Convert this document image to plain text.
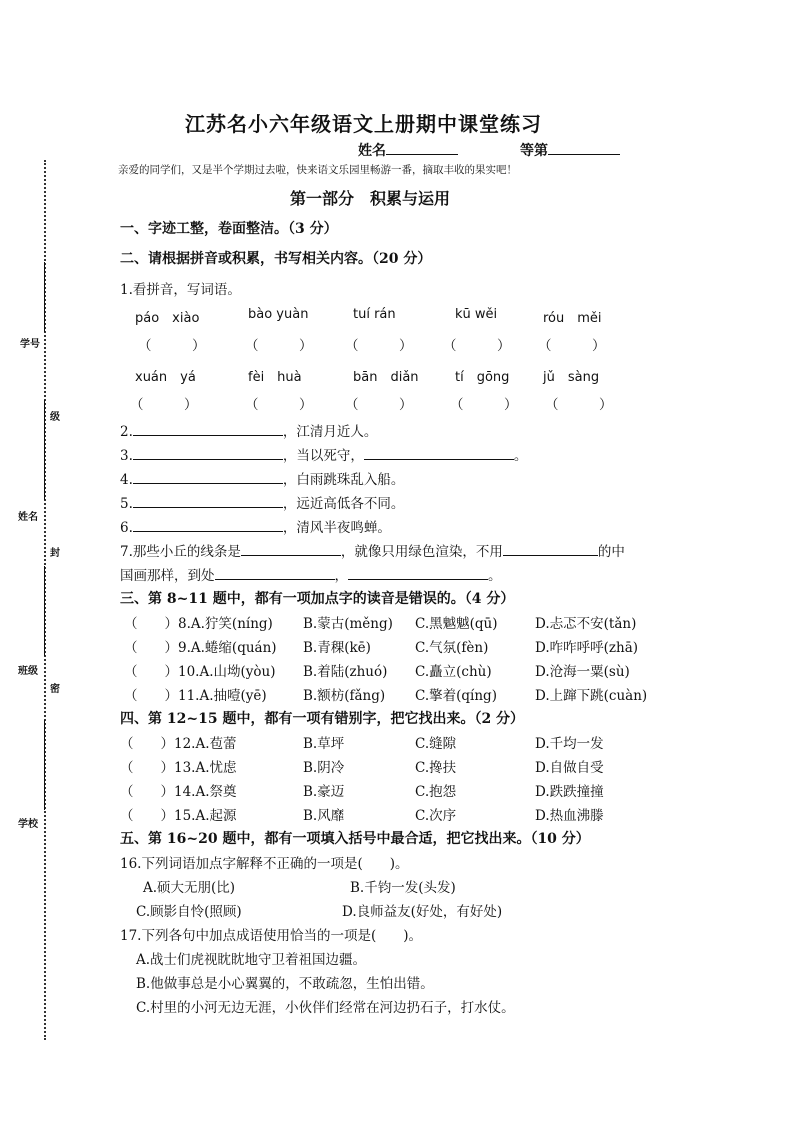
学号
级
姓名
封
班级
密
学校
江苏名小六年级语文上册期中课堂练习
姓名	等第
亲爱的同学们，又是半个学期过去啦，快来语文乐园里畅游一番，摘取丰收的果实吧！
第一部分　积累与运用
一、字迹工整，卷面整洁。（3 分）
二、请根据拼音或积累，书写相关内容。（20 分）
1.看拼音，写词语。
páo　xiào	bào yuàn	tuí rán	kū wěi	róu　měi
（　　　）	（　　　） （　　　） （　　　） （　　　）
xuán　yá	fèi　huà	bān　diǎn	tí　gōng	jǔ　sàng
（　　　）	（　　　） （　　　）	（　　　） （　　　）
2.	，江清月近人。
3.	，当以死守，	。
4.	，白雨跳珠乱入船。
5.	，远近高低各不同。
6.	，清风半夜鸣蝉。
7.那些小丘的线条是	，就像只用绿色渲染，不用	的中
国画那样，到处	，	。
三、第 8~11 题中，都有一项加点字的读音是错误的。（4 分）
（　　）8.A.狞笑(níng) B.蒙古(měng) C.黑魆魆(qū)	D.忐忑不安(tǎn)
（　　）9.A.蜷缩(quán) B.青稞(kē)	C.气氛(fèn)	D.咋咋呼呼(zhā)
（　　）10.A.山坳(yòu) B.着陆(zhuó) C.矗立(chù)	D.沧海一粟(sù)
（　　）11.A.抽噎(yē)	B.额枋(fǎng) C.擎着(qíng)	D.上蹿下跳(cuàn)
四、第 12~15 题中，都有一项有错别字，把它找出来。（2 分）
（　　）12.A.苞蕾	B.草坪	C.缝隙	D.千均一发
（　　）13.A.忧虑	B.阴冷	C.搀扶	D.自做自受
（　　）14.A.祭奠	B.豪迈	C.抱怨	D.跌跌撞撞
（　　）15.A.起源	B.风靡	C.次序	D.热血沸滕
五、第 16~20 题中，都有一项填入括号中最合适，把它找出来。（10 分）
16.下列词语加点字解释不正确的一项是(　　)。
A.硕大无朋(比)	B.千钧一发(头发)
C.顾影自怜(照顾)	D.良师益友(好处，有好处)
17.下列各句中加点成语使用恰当的一项是(　　)。
A.战士们虎视眈眈地守卫着祖国边疆。
B.他做事总是小心翼翼的，不敢疏忽，生怕出错。
C.村里的小河无边无涯，小伙伴们经常在河边扔石子，打水仗。
